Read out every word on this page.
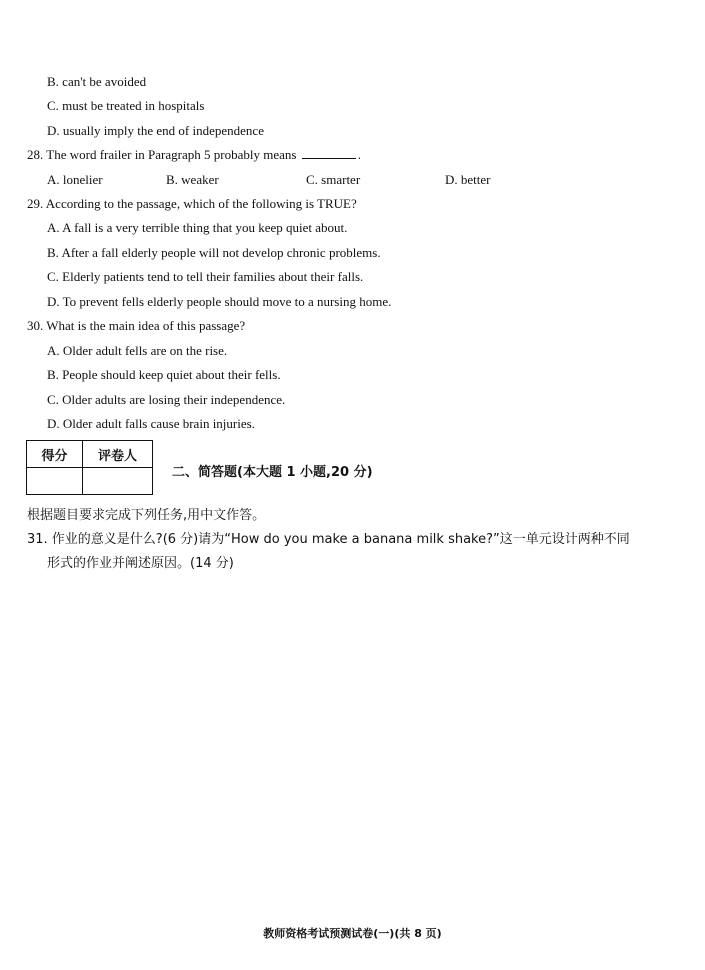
B. can't be avoided
C. must be treated in hospitals
D. usually imply the end of independence
28. The word frailer in Paragraph 5 probably means	.
A. lonelier	B. weaker	C. smarter	D. better
29. According to the passage, which of the following is TRUE?
A. A fall is a very terrible thing that you keep quiet about.
B. After a fall elderly people will not develop chronic problems.
C. Elderly patients tend to tell their families about their falls.
D. To prevent fells elderly people should move to a nursing home.
30. What is the main idea of this passage?
A. Older adult fells are on the rise.
B. People should keep quiet about their fells.
C. Older adults are losing their independence.
D. Older adult falls cause brain injuries.
得分	评卷人

二、简答题(本大题 1 小题,20 分)
根据题目要求完成下列任务,用中文作答。
31. 作业的意义是什么?(6 分)请为“How do you make a banana milk shake?”这一单元设计两种不同
形式的作业并阐述原因。(14 分)
教师资格考试预测试卷(一)(共 8 页)
